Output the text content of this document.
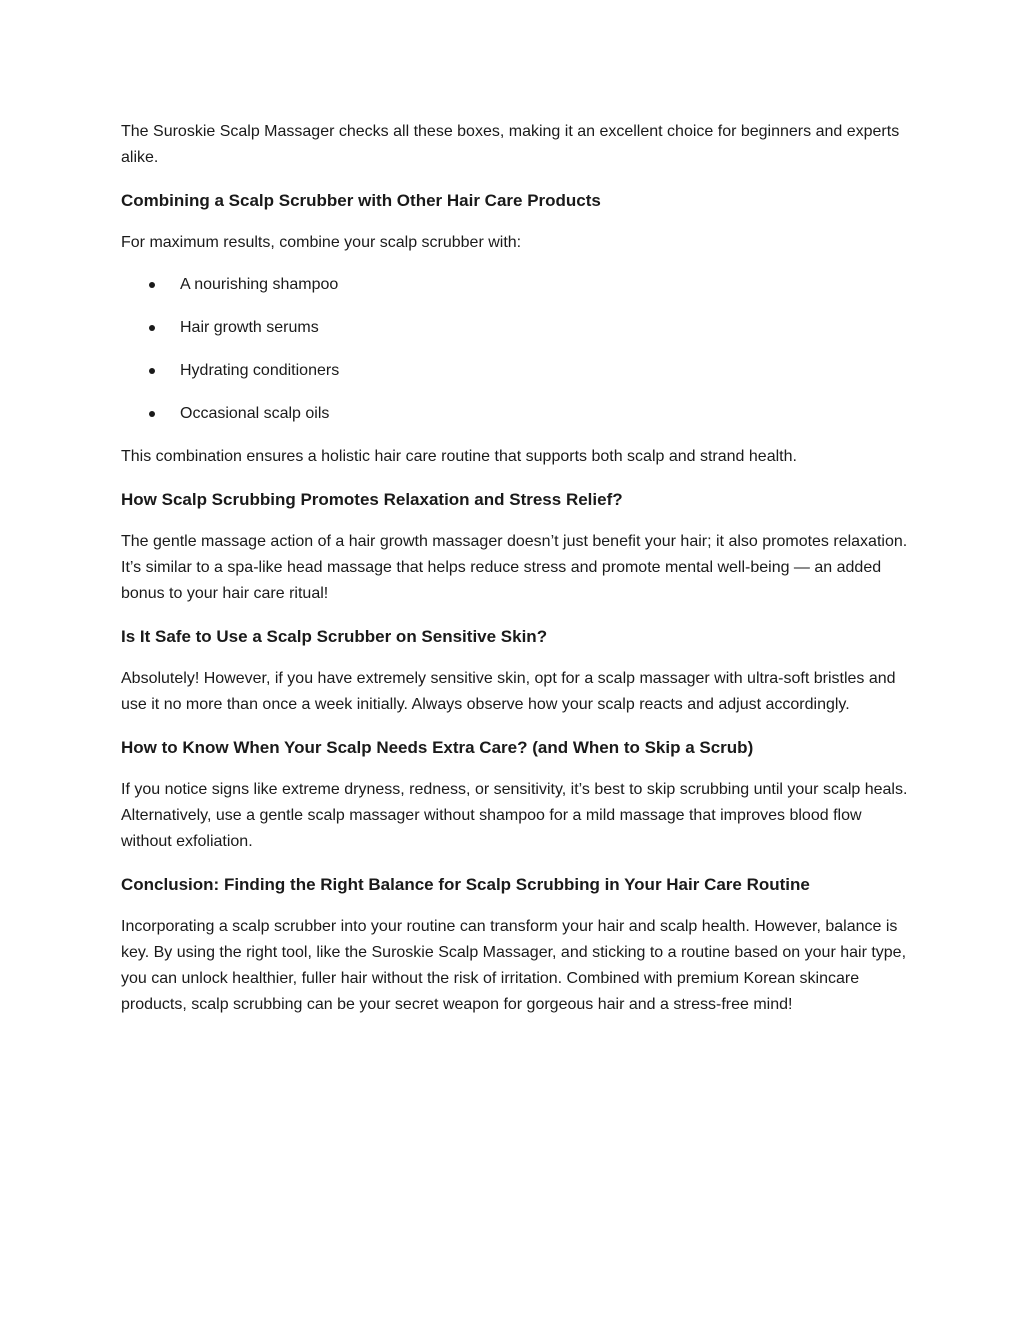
The Suroskie Scalp Massager checks all these boxes, making it an excellent choice for beginners and experts alike.

Combining a Scalp Scrubber with Other Hair Care Products

For maximum results, combine your scalp scrubber with:

A nourishing shampoo
Hair growth serums
Hydrating conditioners
Occasional scalp oils

This combination ensures a holistic hair care routine that supports both scalp and strand health.

How Scalp Scrubbing Promotes Relaxation and Stress Relief?

The gentle massage action of a hair growth massager doesn’t just benefit your hair; it also promotes relaxation. It’s similar to a spa-like head massage that helps reduce stress and promote mental well-being — an added bonus to your hair care ritual!

Is It Safe to Use a Scalp Scrubber on Sensitive Skin?

Absolutely! However, if you have extremely sensitive skin, opt for a scalp massager with ultra-soft bristles and use it no more than once a week initially. Always observe how your scalp reacts and adjust accordingly.

How to Know When Your Scalp Needs Extra Care? (and When to Skip a Scrub)

If you notice signs like extreme dryness, redness, or sensitivity, it’s best to skip scrubbing until your scalp heals. Alternatively, use a gentle scalp massager without shampoo for a mild massage that improves blood flow without exfoliation.

Conclusion: Finding the Right Balance for Scalp Scrubbing in Your Hair Care Routine

Incorporating a scalp scrubber into your routine can transform your hair and scalp health. However, balance is key. By using the right tool, like the Suroskie Scalp Massager, and sticking to a routine based on your hair type, you can unlock healthier, fuller hair without the risk of irritation. Combined with premium Korean skincare products, scalp scrubbing can be your secret weapon for gorgeous hair and a stress-free mind!
